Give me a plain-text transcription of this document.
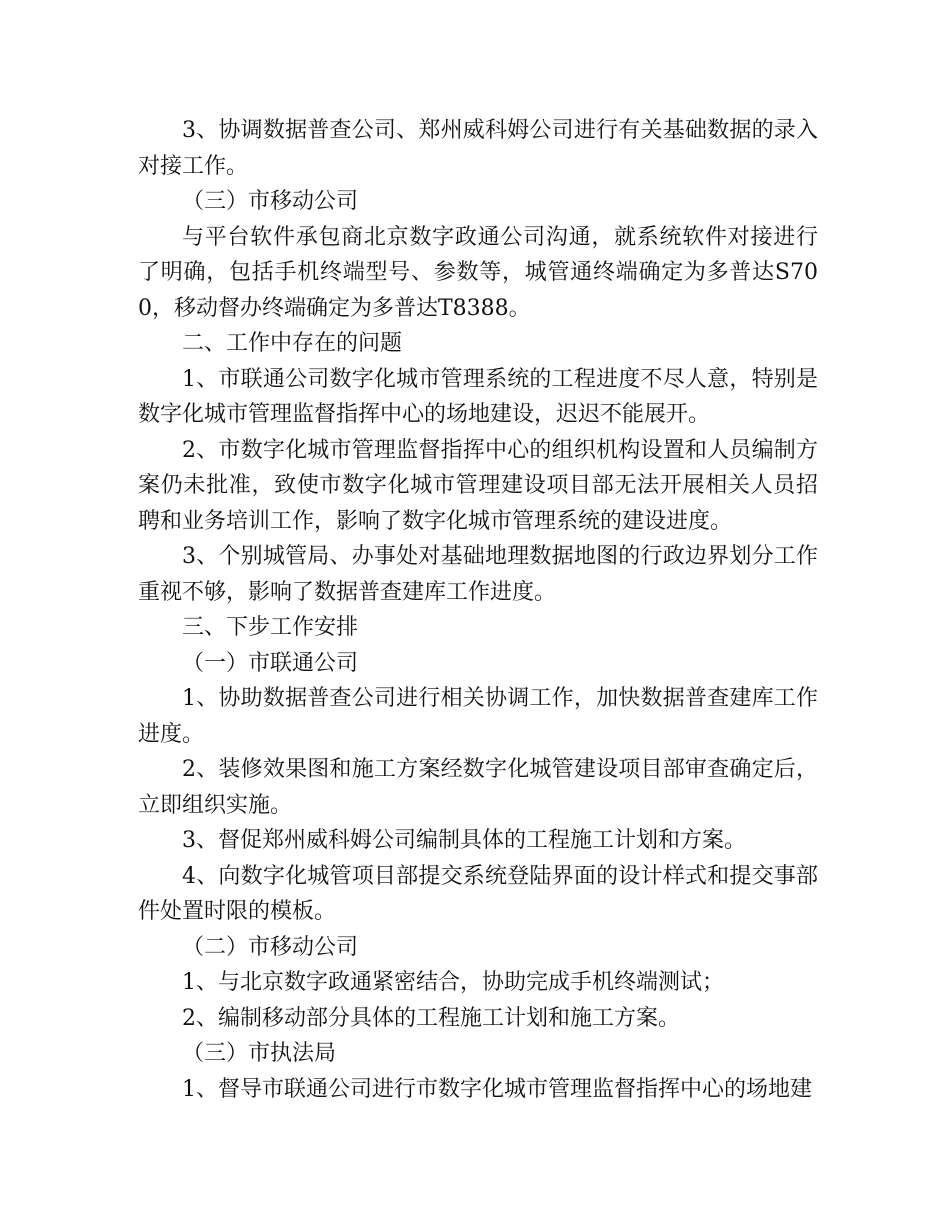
3、协调数据普查公司、郑州威科姆公司进行有关基础数据的录入对接工作。

（三）市移动公司

与平台软件承包商北京数字政通公司沟通，就系统软件对接进行了明确，包括手机终端型号、参数等，城管通终端确定为多普达S700，移动督办终端确定为多普达T8388。

二、工作中存在的问题

1、市联通公司数字化城市管理系统的工程进度不尽人意，特别是数字化城市管理监督指挥中心的场地建设，迟迟不能展开。

2、市数字化城市管理监督指挥中心的组织机构设置和人员编制方案仍未批准，致使市数字化城市管理建设项目部无法开展相关人员招聘和业务培训工作，影响了数字化城市管理系统的建设进度。

3、个别城管局、办事处对基础地理数据地图的行政边界划分工作重视不够，影响了数据普查建库工作进度。

三、下步工作安排

（一）市联通公司

1、协助数据普查公司进行相关协调工作，加快数据普查建库工作进度。

2、装修效果图和施工方案经数字化城管建设项目部审查确定后，立即组织实施。

3、督促郑州威科姆公司编制具体的工程施工计划和方案。

4、向数字化城管项目部提交系统登陆界面的设计样式和提交事部件处置时限的模板。

（二）市移动公司

1、与北京数字政通紧密结合，协助完成手机终端测试；

2、编制移动部分具体的工程施工计划和施工方案。

（三）市执法局

1、督导市联通公司进行市数字化城市管理监督指挥中心的场地建
